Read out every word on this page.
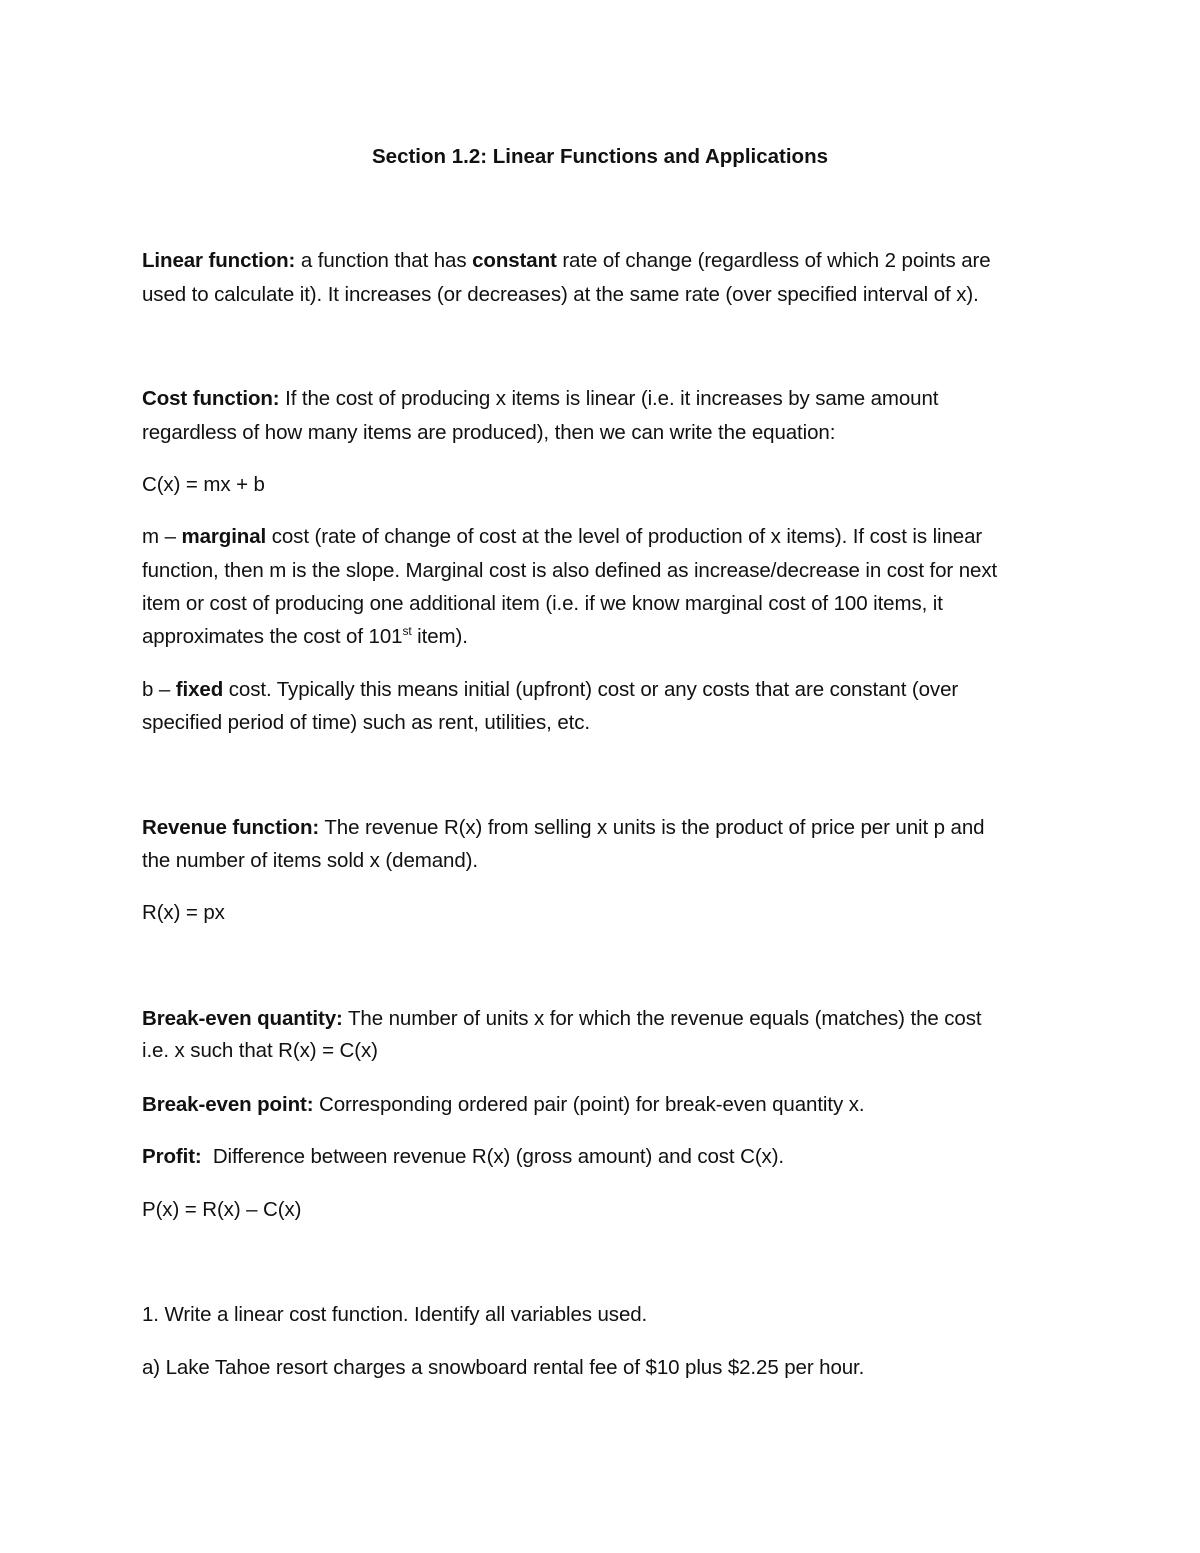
Section 1.2: Linear Functions and Applications
Linear function: a function that has constant rate of change (regardless of which 2 points are
used to calculate it). It increases (or decreases) at the same rate (over specified interval of x).
Cost function: If the cost of producing x items is linear (i.e. it increases by same amount
regardless of how many items are produced), then we can write the equation:
C(x) = mx + b
m – marginal cost (rate of change of cost at the level of production of x items). If cost is linear
function, then m is the slope. Marginal cost is also defined as increase/decrease in cost for next
item or cost of producing one additional item (i.e. if we know marginal cost of 100 items, it
approximates the cost of 101st item).
b – fixed cost. Typically this means initial (upfront) cost or any costs that are constant (over
specified period of time) such as rent, utilities, etc.
Revenue function: The revenue R(x) from selling x units is the product of price per unit p and
the number of items sold x (demand).
R(x) = px
Break-even quantity: The number of units x for which the revenue equals (matches) the cost
i.e. x such that R(x) = C(x)
Break-even point: Corresponding ordered pair (point) for break-even quantity x.
Profit:  Difference between revenue R(x) (gross amount) and cost C(x).
P(x) = R(x) – C(x)
1. Write a linear cost function. Identify all variables used.
a) Lake Tahoe resort charges a snowboard rental fee of $10 plus $2.25 per hour.
